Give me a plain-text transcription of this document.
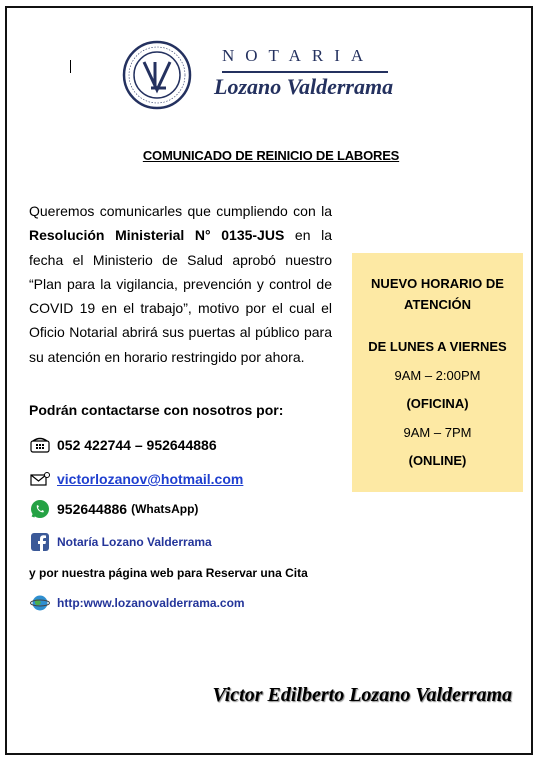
NOTARIA
Lozano Valderrama
COMUNICADO DE REINICIO DE LABORES

Queremos comunicarles que cumpliendo con la Resolución Ministerial N° 0135-JUS en la fecha el Ministerio de Salud aprobó nuestro “Plan para la vigilancia, prevención y control de COVID 19 en el trabajo”, motivo por el cual el Oficio Notarial abrirá sus puertas al público para su atención en horario restringido por ahora.

Podrán contactarse con nosotros por:
052 422744 – 952644886
victorlozanov@hotmail.com
952644886 (WhatsApp)
Notaría Lozano Valderrama
y por nuestra página web para Reservar una Cita
http:www.lozanovalderrama.com
NUEVO HORARIO DE
ATENCIÓN
DE LUNES A VIERNES
9AM – 2:00PM
(OFICINA)
9AM – 7PM
(ONLINE)
Victor Edilberto Lozano Valderrama
